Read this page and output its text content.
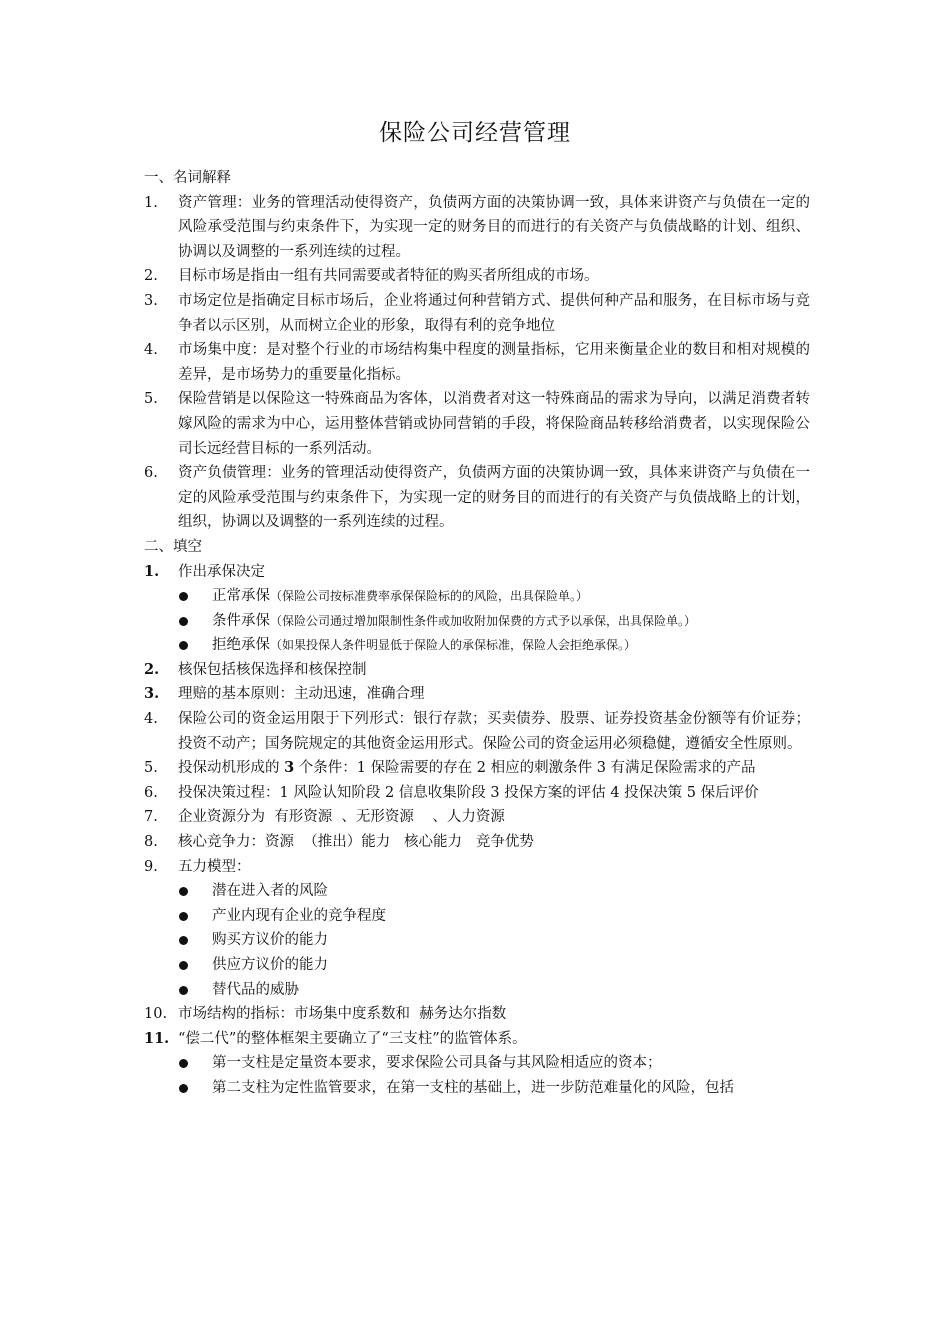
保险公司经营管理
一、名词解释
1.	资产管理：业务的管理活动使得资产，负债两方面的决策协调一致，具体来讲资产与负债在一定的风险承受范围与约束条件下，为实现一定的财务目的而进行的有关资产与负债战略的计划、组织、协调以及调整的一系列连续的过程。
2.	目标市场是指由一组有共同需要或者特征的购买者所组成的市场。
3.	市场定位是指确定目标市场后，企业将通过何种营销方式、提供何种产品和服务，在目标市场与竞争者以示区别，从而树立企业的形象，取得有利的竞争地位
4.	市场集中度：是对整个行业的市场结构集中程度的测量指标，它用来衡量企业的数目和相对规模的差异，是市场势力的重要量化指标。
5.	保险营销是以保险这一特殊商品为客体，以消费者对这一特殊商品的需求为导向，以满足消费者转嫁风险的需求为中心，运用整体营销或协同营销的手段，将保险商品转移给消费者，以实现保险公司长远经营目标的一系列活动。
6.	资产负债管理：业务的管理活动使得资产，负债两方面的决策协调一致，具体来讲资产与负债在一定的风险承受范围与约束条件下，为实现一定的财务目的而进行的有关资产与负债战略上的计划，组织，协调以及调整的一系列连续的过程。
二、填空
1.	作出承保决定
正常承保（保险公司按标准费率承保保险标的的风险，出具保险单。）
条件承保（保险公司通过增加限制性条件或加收附加保费的方式予以承保，出具保险单。）
拒绝承保（如果投保人条件明显低于保险人的承保标准，保险人会拒绝承保。）
2.	核保包括核保选择和核保控制
3.	理赔的基本原则：主动迅速，准确合理
4.	保险公司的资金运用限于下列形式：银行存款；买卖债券、股票、证券投资基金份额等有价证券；投资不动产；国务院规定的其他资金运用形式。保险公司的资金运用必须稳健，遵循安全性原则。
5.	投保动机形成的 3 个条件：1 保险需要的存在 2 相应的刺激条件 3 有满足保险需求的产品
6.	投保决策过程：1 风险认知阶段 2 信息收集阶段 3 投保方案的评估 4 投保决策 5 保后评价
7.	企业资源分为  有形资源  、无形资源    、人力资源
8.	核心竞争力：资源  （推出）能力   核心能力   竞争优势
9.	五力模型：
潜在进入者的风险
产业内现有企业的竞争程度
购买方议价的能力
供应方议价的能力
替代品的威胁
10. 市场结构的指标：市场集中度系数和  赫务达尔指数
11. “偿二代”的整体框架主要确立了“三支柱”的监管体系。
第一支柱是定量资本要求，要求保险公司具备与其风险相适应的资本；
第二支柱为定性监管要求，在第一支柱的基础上，进一步防范难量化的风险，包括
